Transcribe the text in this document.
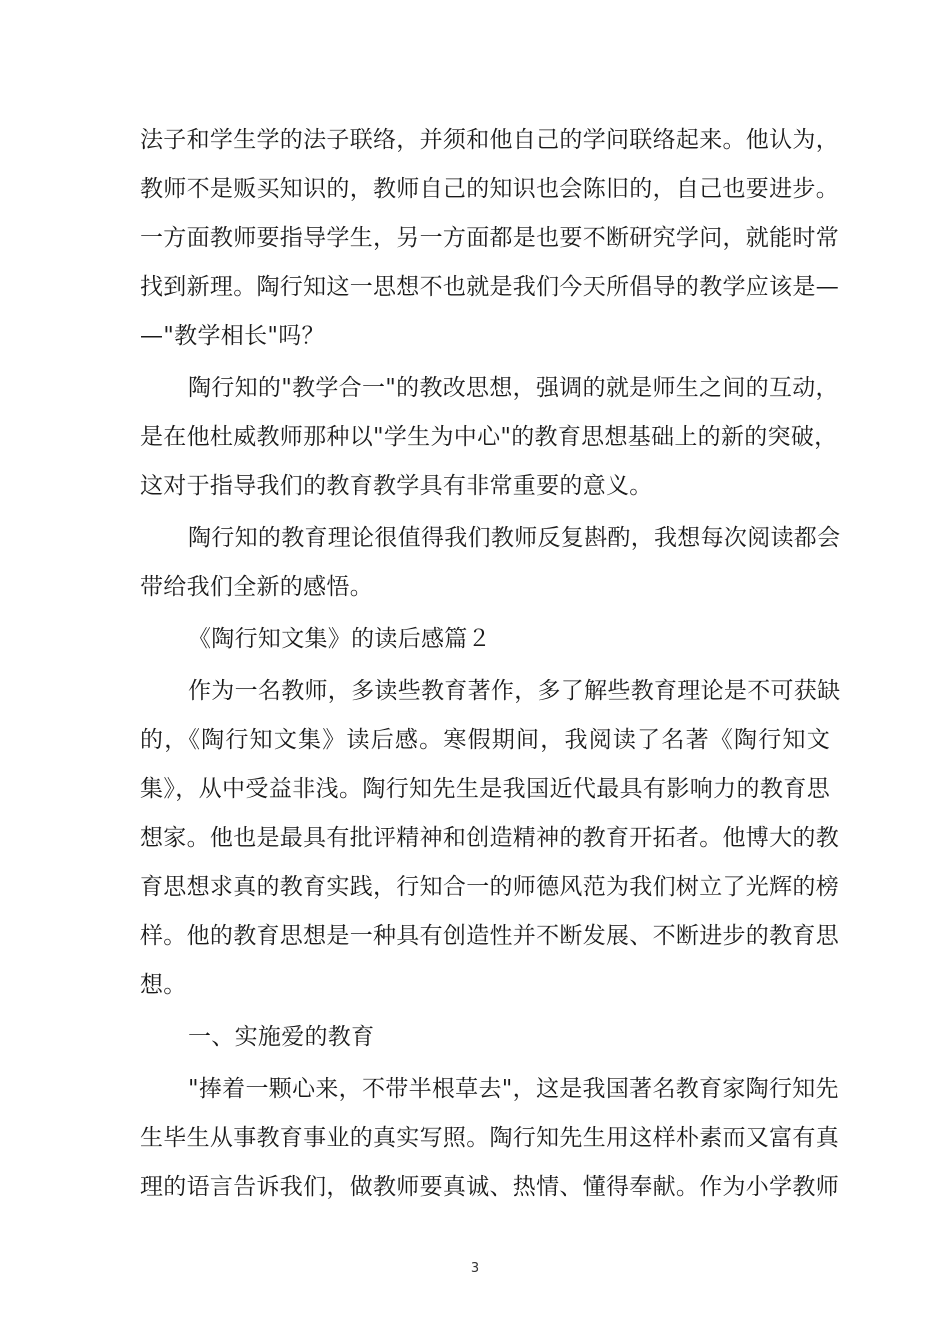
法子和学生学的法子联络，并须和他自己的学问联络起来。他认为，
教师不是贩买知识的，教师自己的知识也会陈旧的，自己也要进步。
一方面教师要指导学生，另一方面都是也要不断研究学问，就能时常
找到新理。陶行知这一思想不也就是我们今天所倡导的教学应该是—
—"教学相长"吗？
陶行知的"教学合一"的教改思想，强调的就是师生之间的互动，
是在他杜威教师那种以"学生为中心"的教育思想基础上的新的突破，
这对于指导我们的教育教学具有非常重要的意义。
陶行知的教育理论很值得我们教师反复斟酌，我想每次阅读都会
带给我们全新的感悟。
《陶行知文集》的读后感篇２
作为一名教师，多读些教育著作，多了解些教育理论是不可获缺
的，《陶行知文集》读后感。寒假期间，我阅读了名著《陶行知文
集》，从中受益非浅。陶行知先生是我国近代最具有影响力的教育思
想家。他也是最具有批评精神和创造精神的教育开拓者。他博大的教
育思想求真的教育实践，行知合一的师德风范为我们树立了光辉的榜
样。他的教育思想是一种具有创造性并不断发展、不断进步的教育思
想。
一、实施爱的教育
"捧着一颗心来，不带半根草去"，这是我国著名教育家陶行知先
生毕生从事教育事业的真实写照。陶行知先生用这样朴素而又富有真
理的语言告诉我们，做教师要真诚、热情、懂得奉献。作为小学教师
3
